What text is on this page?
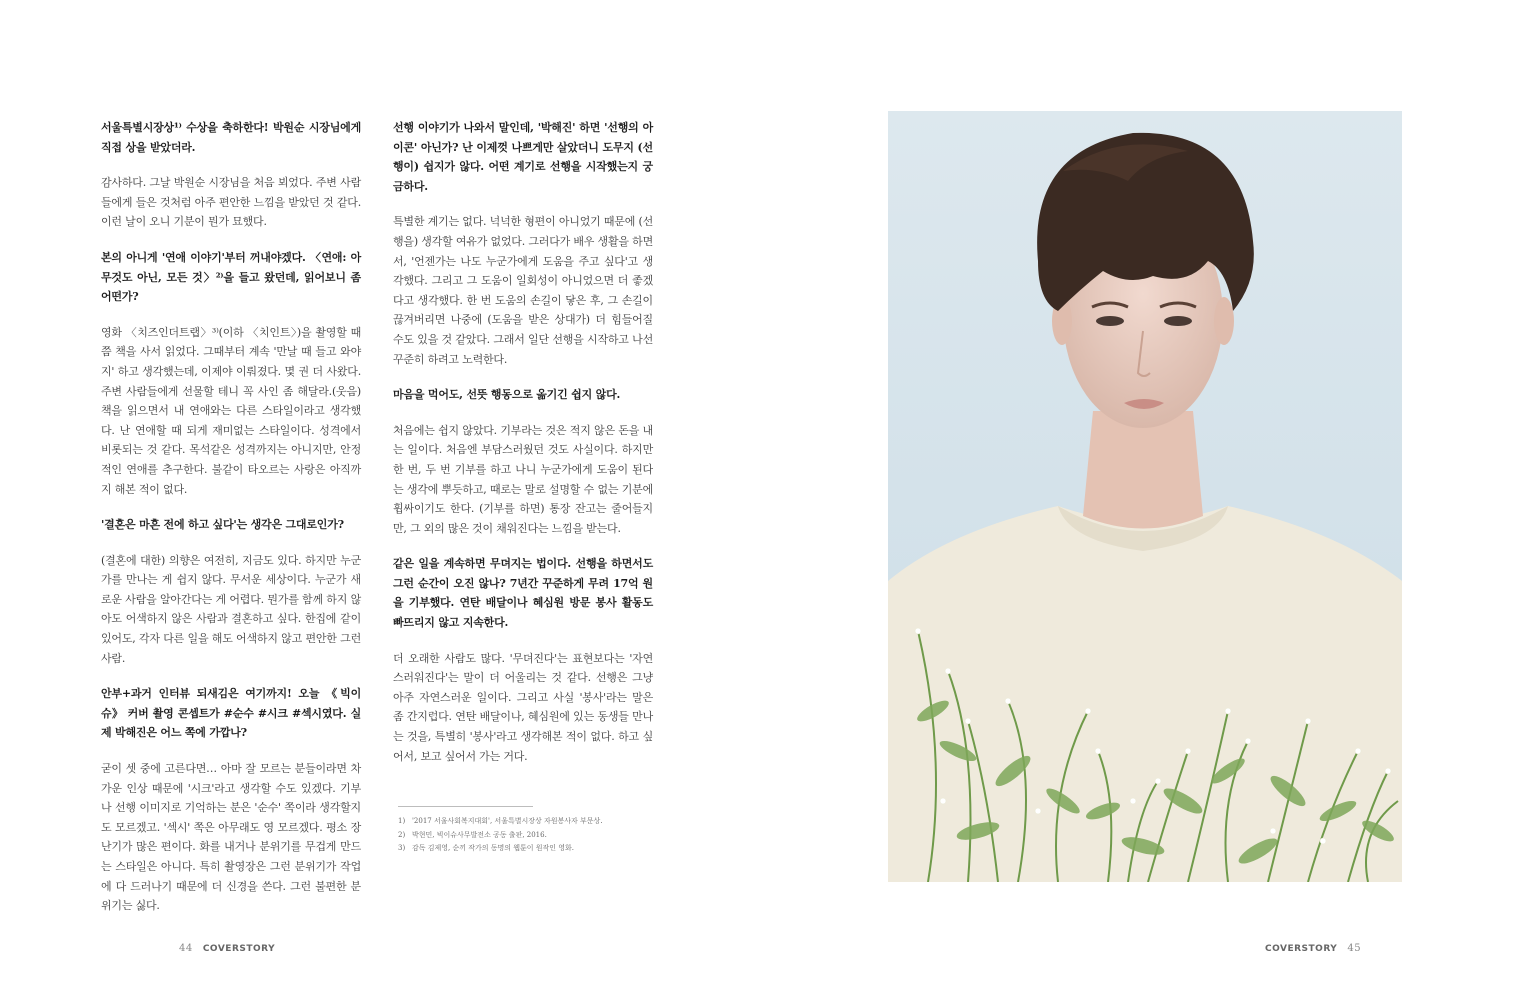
서울특별시장상¹⁾ 수상을 축하한다! 박원순 시장님에게 직접 상을 받았더라.

감사하다. 그날 박원순 시장님을 처음 뵈었다. 주변 사람들에게 들은 것처럼 아주 편안한 느낌을 받았던 것 같다. 이런 날이 오니 기분이 뭔가 묘했다.

본의 아니게 '연애 이야기'부터 꺼내야겠다. 〈연애: 아무것도 아닌, 모든 것〉²⁾을 들고 왔던데, 읽어보니 좀 어떤가?

영화 〈치즈인더트랩〉³⁾(이하 〈치인트〉)을 촬영할 때쯤 책을 사서 읽었다. 그때부터 계속 '만날 때 들고 와야지' 하고 생각했는데, 이제야 이뤄졌다. 몇 권 더 사왔다. 주변 사람들에게 선물할 테니 꼭 사인 좀 해달라.(웃음) 책을 읽으면서 내 연애와는 다른 스타일이라고 생각했다. 난 연애할 때 되게 재미없는 스타일이다. 성격에서 비롯되는 것 같다. 목석같은 성격까지는 아니지만, 안정적인 연애를 추구한다. 불같이 타오르는 사랑은 아직까지 해본 적이 없다.

'결혼은 마흔 전에 하고 싶다'는 생각은 그대로인가?

(결혼에 대한) 의향은 여전히, 지금도 있다. 하지만 누군가를 만나는 게 쉽지 않다. 무서운 세상이다. 누군가 새로운 사람을 알아간다는 게 어렵다. 뭔가를 함께 하지 않아도 어색하지 않은 사람과 결혼하고 싶다. 한집에 같이 있어도, 각자 다른 일을 해도 어색하지 않고 편안한 그런 사람.

안부+과거 인터뷰 되새김은 여기까지! 오늘 《빅이슈》 커버 촬영 콘셉트가 #순수 #시크 #섹시였다. 실제 박해진은 어느 쪽에 가깝나?

굳이 셋 중에 고른다면… 아마 잘 모르는 분들이라면 차가운 인상 때문에 '시크'라고 생각할 수도 있겠다. 기부나 선행 이미지로 기억하는 분은 '순수' 쪽이라 생각할지도 모르겠고. '섹시' 쪽은 아무래도 영 모르겠다. 평소 장난기가 많은 편이다. 화를 내거나 분위기를 무겁게 만드는 스타일은 아니다. 특히 촬영장은 그런 분위기가 작업에 다 드러나기 때문에 더 신경을 쓴다. 그런 불편한 분위기는 싫다.

선행 이야기가 나와서 말인데, '박해진' 하면 '선행의 아이콘' 아닌가? 난 이제껏 나쁘게만 살았더니 도무지 (선행이) 쉽지가 않다. 어떤 계기로 선행을 시작했는지 궁금하다.

특별한 계기는 없다. 넉넉한 형편이 아니었기 때문에 (선행을) 생각할 여유가 없었다. 그러다가 배우 생활을 하면서, '언젠가는 나도 누군가에게 도움을 주고 싶다'고 생각했다. 그리고 그 도움이 일회성이 아니었으면 더 좋겠다고 생각했다. 한 번 도움의 손길이 닿은 후, 그 손길이 끊겨버리면 나중에 (도움을 받은 상대가) 더 힘들어질 수도 있을 것 같았다. 그래서 일단 선행을 시작하고 나선 꾸준히 하려고 노력한다.

마음을 먹어도, 선뜻 행동으로 옮기긴 쉽지 않다.

처음에는 쉽지 않았다. 기부라는 것은 적지 않은 돈을 내는 일이다. 처음엔 부담스러웠던 것도 사실이다. 하지만 한 번, 두 번 기부를 하고 나니 누군가에게 도움이 된다는 생각에 뿌듯하고, 때로는 말로 설명할 수 없는 기분에 휩싸이기도 한다. (기부를 하면) 통장 잔고는 줄어들지만, 그 외의 많은 것이 채워진다는 느낌을 받는다.

같은 일을 계속하면 무뎌지는 법이다. 선행을 하면서도 그런 순간이 오진 않나? 7년간 꾸준하게 무려 17억 원을 기부했다. 연탄 배달이나 혜심원 방문 봉사 활동도 빠뜨리지 않고 지속한다.

더 오래한 사람도 많다. '무뎌진다'는 표현보다는 '자연스러워진다'는 말이 더 어울리는 것 같다. 선행은 그냥 아주 자연스러운 일이다. 그리고 사실 '봉사'라는 말은 좀 간지럽다. 연탄 배달이나, 혜심원에 있는 동생들 만나는 것을, 특별히 '봉사'라고 생각해본 적이 없다. 하고 싶어서, 보고 싶어서 가는 거다.

1) '2017 서울사회복지대회', 서울특별시장상 자원봉사자 부문상.
2) 박현민, 빅이슈사무발전소 공동 출판, 2016.
3) 감독 김제영, 순끼 작가의 동명의 웹툰이 원작인 영화.
44 COVERSTORY	COVERSTORY 45
